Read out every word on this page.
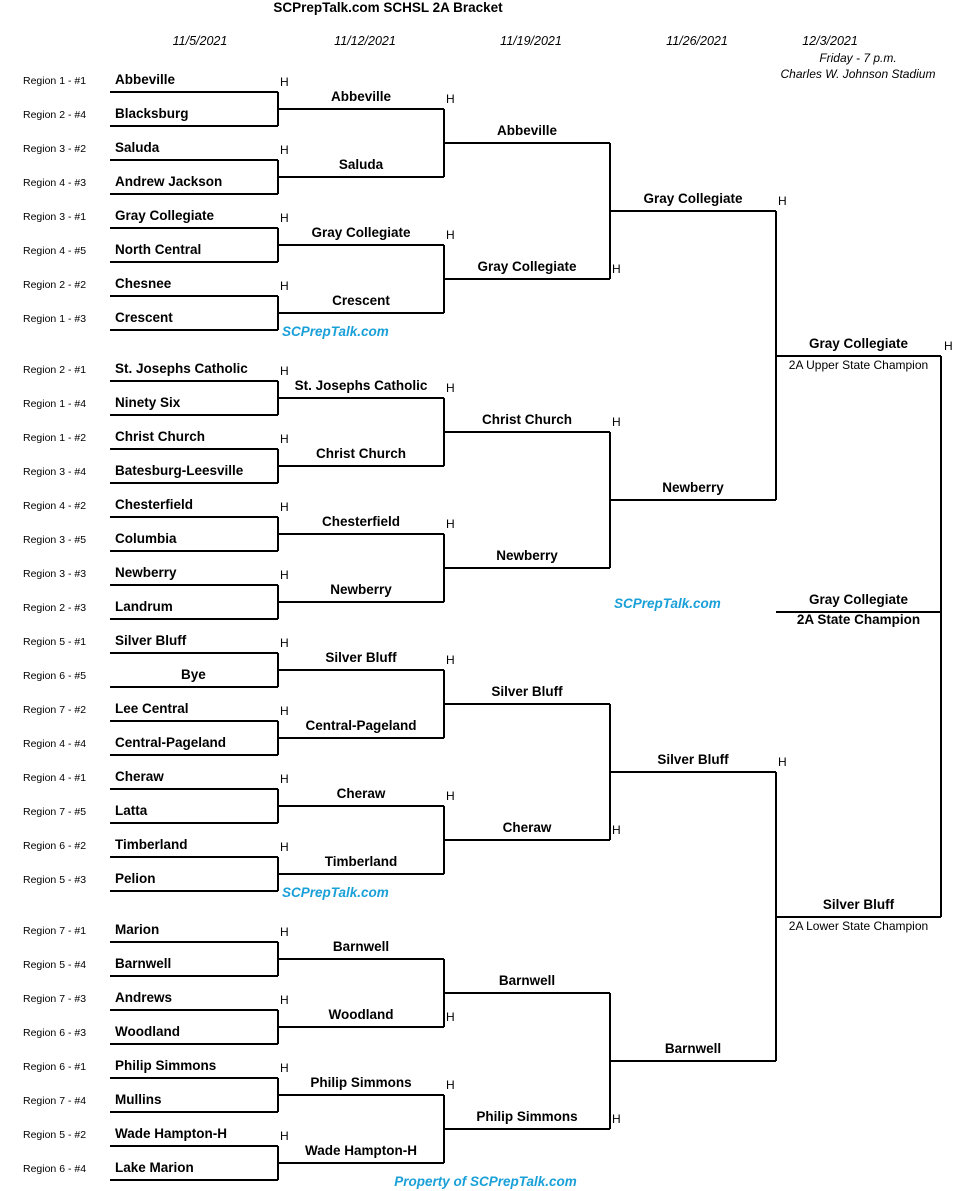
SCPrepTalk.com SCHSL 2A Bracket
11/5/2021	11/12/2021	11/19/2021	11/26/2021	12/3/2021
Friday - 7 p.m.
Charles W. Johnson Stadium
Region 1 - #1 Abbeville	H
Region 2 - #4 Blacksburg
Region 3 - #2 Saluda	H
Region 4 - #3 Andrew Jackson
Region 3 - #1 Gray Collegiate	H
Region 4 - #5 North Central
Region 2 - #2 Chesnee	H
Region 1 - #3 Crescent
Region 2 - #1 St. Josephs Catholic	H
Region 1 - #4 Ninety Six
Region 1 - #2 Christ Church	H
Region 3 - #4 Batesburg-Leesville
Region 4 - #2 Chesterfield	H
Region 3 - #5 Columbia
Region 3 - #3 Newberry	H
Region 2 - #3 Landrum
Region 5 - #1 Silver Bluff	H
Region 6 - #5	Bye
Region 7 - #2 Lee Central	H
Region 4 - #4 Central-Pageland
Region 4 - #1 Cheraw	H
Region 7 - #5 Latta
Region 6 - #2 Timberland	H
Region 5 - #3 Pelion
Region 7 - #1 Marion	H
Region 5 - #4 Barnwell
Region 7 - #3 Andrews	H
Region 6 - #3 Woodland
Region 6 - #1 Philip Simmons	H
Region 7 - #4 Mullins
Region 5 - #2 Wade Hampton-H	H
Region 6 - #4 Lake Marion
Abbeville	H
Saluda
Gray Collegiate	H
Crescent
St. Josephs Catholic	H
Christ Church
Chesterfield	H
Newberry
Silver Bluff	H
Central-Pageland
Cheraw	H
Timberland
Barnwell
Woodland	H
Philip Simmons	H
Wade Hampton-H
Abbeville
Gray Collegiate	H
Christ Church	H
Newberry
Silver Bluff
Cheraw	H
Barnwell
Philip Simmons	H
Gray Collegiate	H
Newberry
Silver Bluff	H
Barnwell
Gray Collegiate
2A Upper State Champion
Silver Bluff
2A Lower State Champion
H
Gray Collegiate
2A State Champion
SCPrepTalk.com
SCPrepTalk.com
SCPrepTalk.com
Property of SCPrepTalk.com
